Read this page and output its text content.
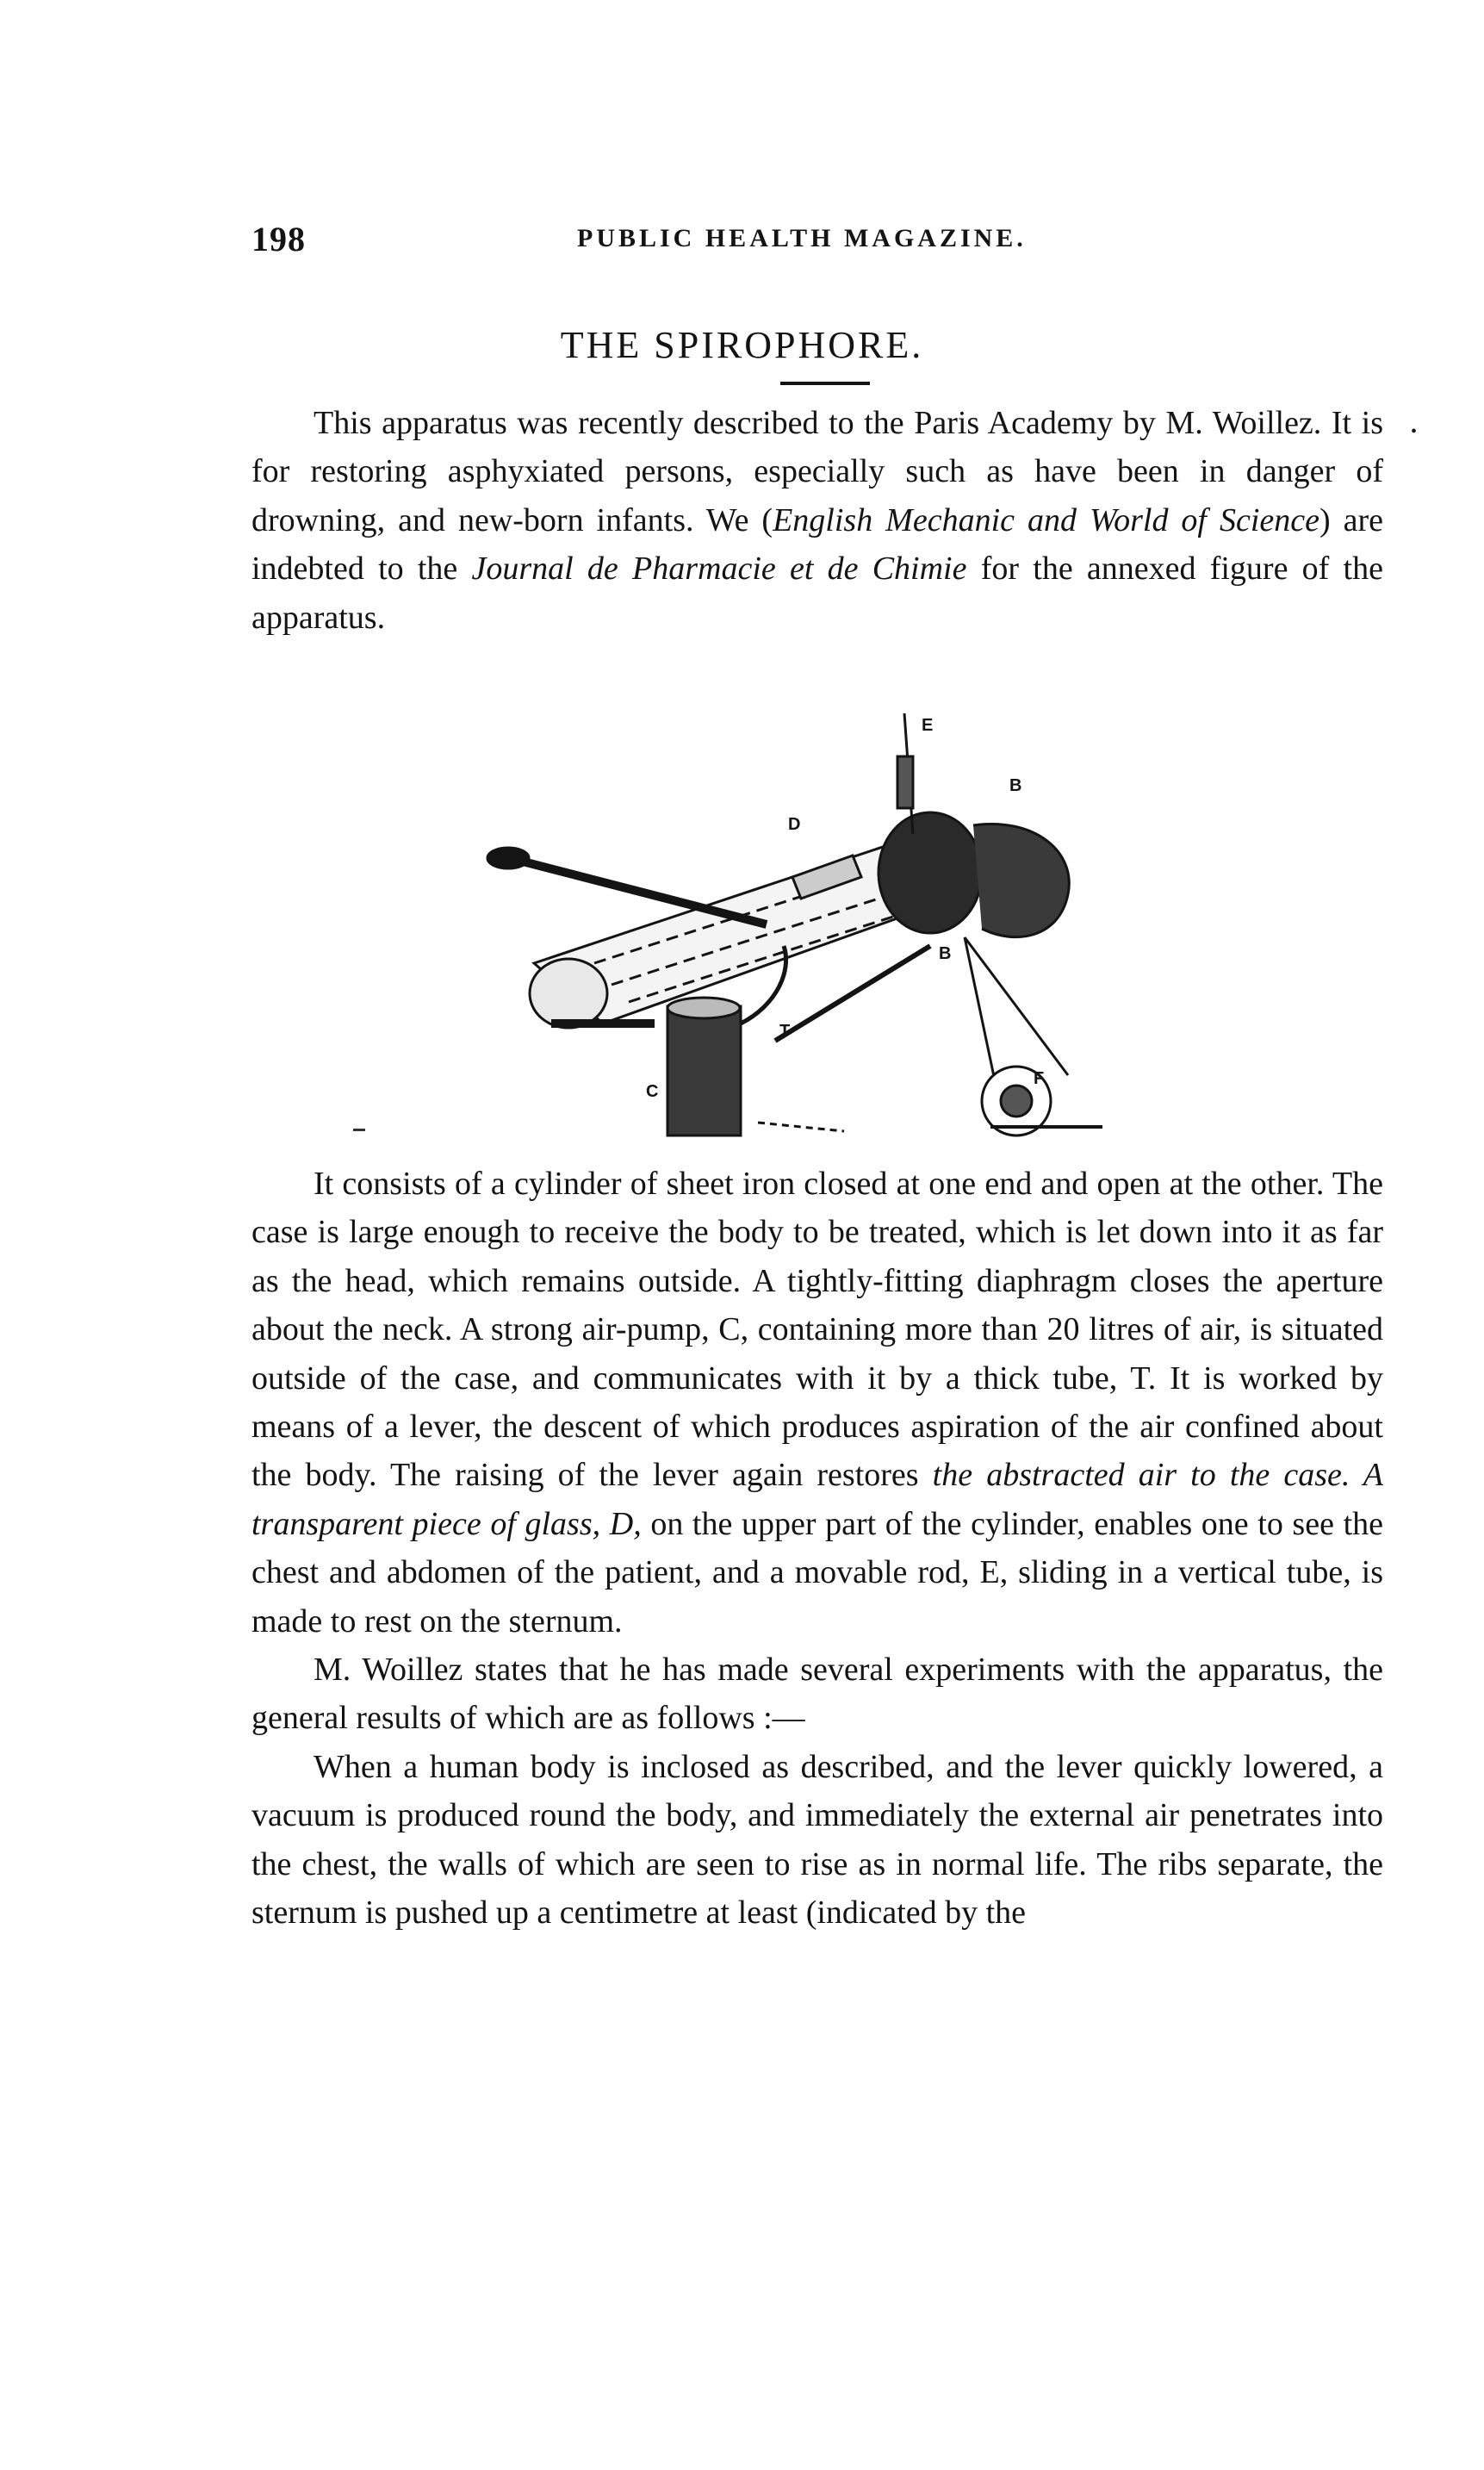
198	PUBLIC HEALTH MAGAZINE.
THE SPIROPHORE.
•

This apparatus was recently described to the Paris Academy by M. Woillez. It is for restoring asphyxiated persons, especially such as have been in danger of drowning, and new-born infants. We (English Mechanic and World of Science) are indebted to the Journal de Pharmacie et de Chimie for the annexed figure of the apparatus.

E
B
D
B
T
C
F

It consists of a cylinder of sheet iron closed at one end and open at the other. The case is large enough to receive the body to be treated, which is let down into it as far as the head, which remains outside. A tightly-fitting diaphragm closes the aperture about the neck. A strong air-pump, C, containing more than 20 litres of air, is situated outside of the case, and communicates with it by a thick tube, T. It is worked by means of a lever, the descent of which produces aspiration of the air confined about the body. The raising of the lever again restores the abstracted air to the case. A transparent piece of glass, D, on the upper part of the cylinder, enables one to see the chest and abdomen of the patient, and a movable rod, E, sliding in a vertical tube, is made to rest on the sternum.

M. Woillez states that he has made several experiments with the apparatus, the general results of which are as follows :—

When a human body is inclosed as described, and the lever quickly lowered, a vacuum is produced round the body, and immediately the external air penetrates into the chest, the walls of which are seen to rise as in normal life. The ribs separate, the sternum is pushed up a centimetre at least (indicated by the
